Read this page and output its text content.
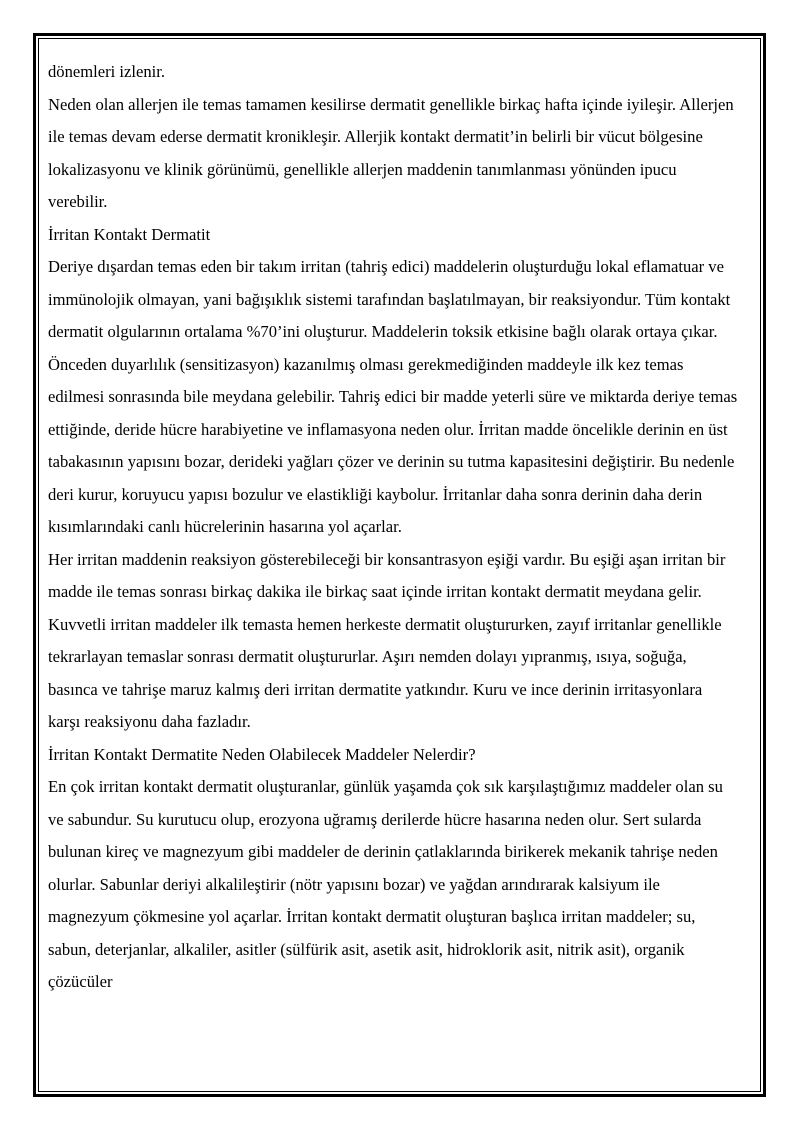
dönemleri izlenir.

Neden olan allerjen ile temas tamamen kesilirse dermatit genellikle birkaç hafta içinde iyileşir. Allerjen ile temas devam ederse dermatit kronikleşir. Allerjik kontakt dermatit’in belirli bir vücut bölgesine lokalizasyonu ve klinik görünümü, genellikle allerjen maddenin tanımlanması yönünden ipucu verebilir.

İrritan Kontakt Dermatit

Deriye dışardan temas eden bir takım irritan (tahriş edici) maddelerin oluşturduğu lokal eflamatuar ve immünolojik olmayan, yani bağışıklık sistemi tarafından başlatılmayan, bir reaksiyondur. Tüm kontakt dermatit olgularının ortalama %70’ini oluşturur. Maddelerin toksik etkisine bağlı olarak ortaya çıkar. Önceden duyarlılık (sensitizasyon) kazanılmış olması gerekmediğinden maddeyle ilk kez temas edilmesi sonrasında bile meydana gelebilir. Tahriş edici bir madde yeterli süre ve miktarda deriye temas ettiğinde, deride hücre harabiyetine ve inflamasyona neden olur. İrritan madde öncelikle derinin en üst tabakasının yapısını bozar, derideki yağları çözer ve derinin su tutma kapasitesini değiştirir. Bu nedenle deri kurur, koruyucu yapısı bozulur ve elastikliği kaybolur. İrritanlar daha sonra derinin daha derin kısımlarındaki canlı hücrelerinin hasarına yol açarlar.

Her irritan maddenin reaksiyon gösterebileceği bir konsantrasyon eşiği vardır. Bu eşiği aşan irritan bir madde ile temas sonrası birkaç dakika ile birkaç saat içinde irritan kontakt dermatit meydana gelir. Kuvvetli irritan maddeler ilk temasta hemen herkeste dermatit oluştururken, zayıf irritanlar genellikle tekrarlayan temaslar sonrası dermatit oluştururlar. Aşırı nemden dolayı yıpranmış, ısıya, soğuğa, basınca ve tahrişe maruz kalmış deri irritan dermatite yatkındır. Kuru ve ince derinin irritasyonlara karşı reaksiyonu daha fazladır.

İrritan Kontakt Dermatite Neden Olabilecek Maddeler Nelerdir?

En çok irritan kontakt dermatit oluşturanlar, günlük yaşamda çok sık karşılaştığımız maddeler olan su ve sabundur. Su kurutucu olup, erozyona uğramış derilerde hücre hasarına neden olur. Sert sularda bulunan kireç ve magnezyum gibi maddeler de derinin çatlaklarında birikerek mekanik tahrişe neden olurlar. Sabunlar deriyi alkalileştirir (nötr yapısını bozar) ve yağdan arındırarak kalsiyum ile magnezyum çökmesine yol açarlar. İrritan kontakt dermatit oluşturan başlıca irritan maddeler; su, sabun, deterjanlar, alkaliler, asitler (sülfürik asit, asetik asit, hidroklorik asit, nitrik asit), organik çözücüler
